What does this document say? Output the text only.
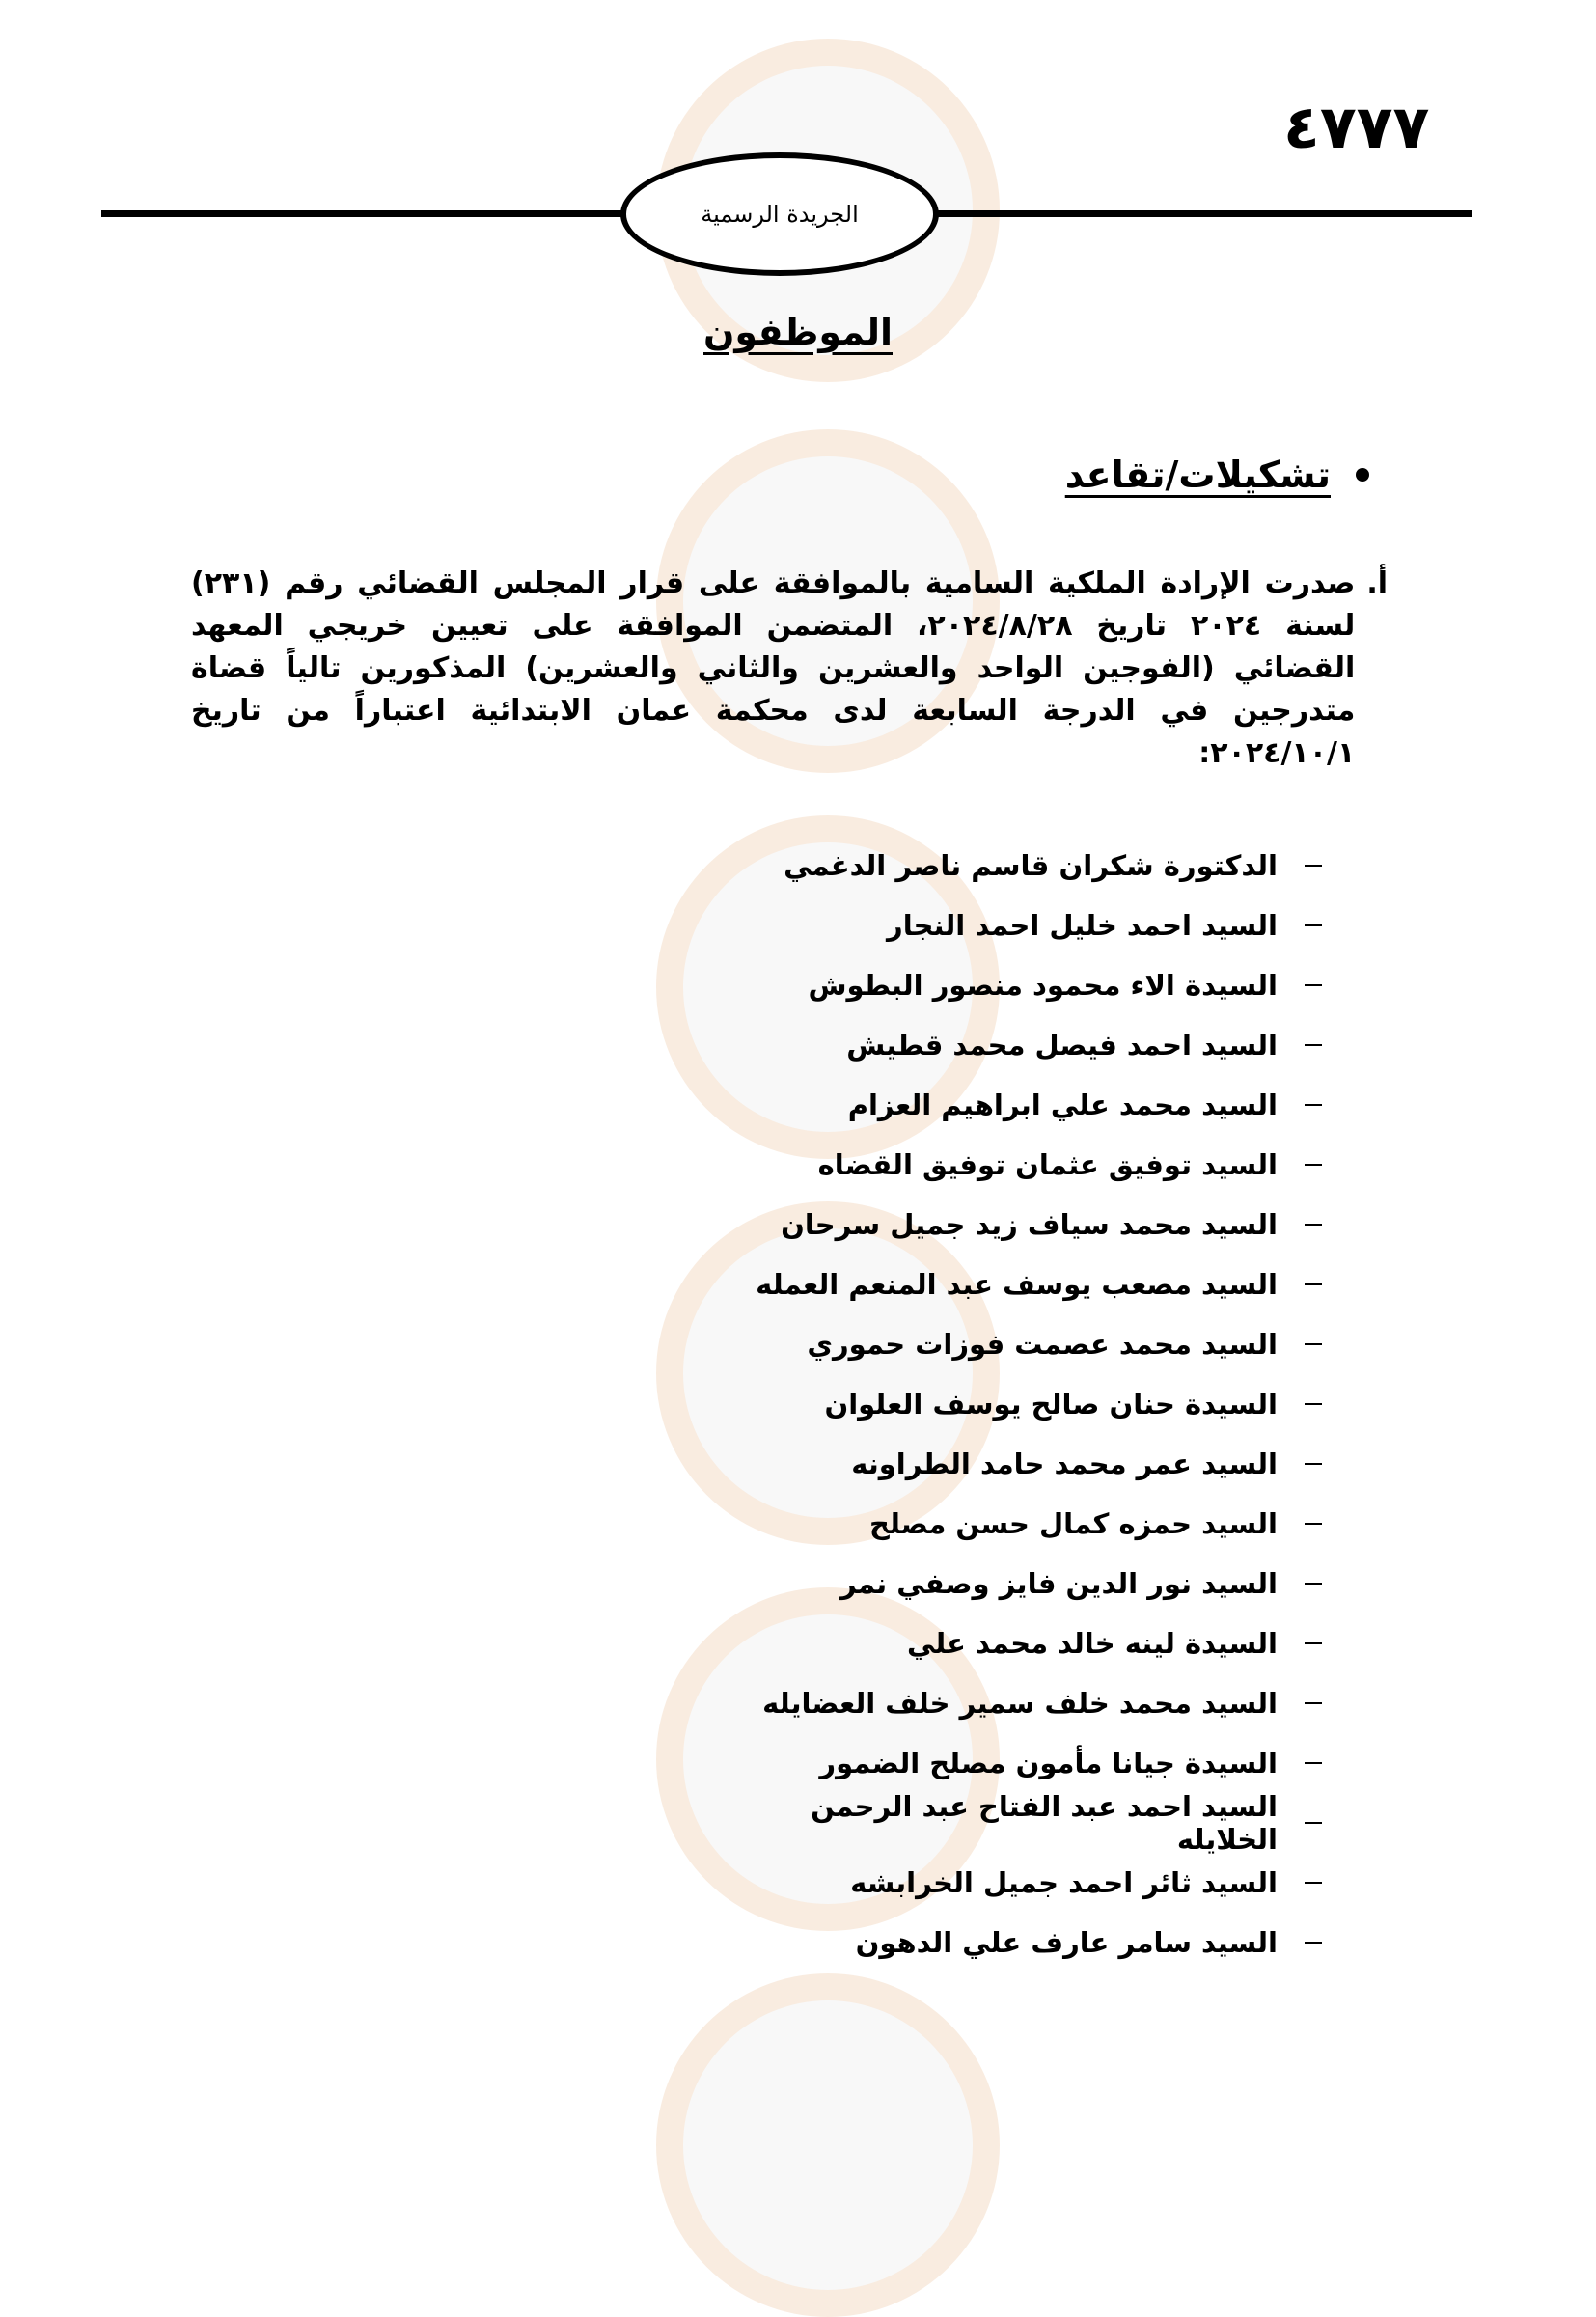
٤٧٧٧
الجريدة الرسمية
الموظفون
تشكيلات/تقاعد
أ.
صدرت الإرادة الملكية السامية بالموافقة على قرار المجلس القضائي رقم (٢٣١) لسنة ٢٠٢٤ تاريخ ٢٠٢٤/٨/٢٨، المتضمن الموافقة على تعيين خريجي المعهد القضائي (الفوجين الواحد والعشرين والثاني والعشرين) المذكورين تالياً قضاة متدرجين في الدرجة السابعة لدى محكمة عمان الابتدائية اعتباراً من تاريخ ٢٠٢٤/١٠/١:
الدكتورة شكران قاسم ناصر الدغمي
السيد احمد خليل احمد النجار
السيدة الاء محمود منصور البطوش
السيد احمد فيصل محمد قطيش
السيد محمد علي ابراهيم العزام
السيد توفيق عثمان توفيق القضاه
السيد محمد سياف زيد جميل سرحان
السيد مصعب يوسف عبد المنعم العمله
السيد محمد عصمت فوزات حموري
السيدة حنان صالح يوسف العلوان
السيد عمر محمد حامد الطراونه
السيد حمزه كمال حسن مصلح
السيد نور الدين فايز وصفي نمر
السيدة لينه خالد محمد علي
السيد محمد خلف سمير خلف العضايله
السيدة جيانا مأمون مصلح الضمور
السيد احمد عبد الفتاح عبد الرحمن الخلايله
السيد ثائر احمد جميل الخرابشه
السيد سامر عارف علي الدهون
